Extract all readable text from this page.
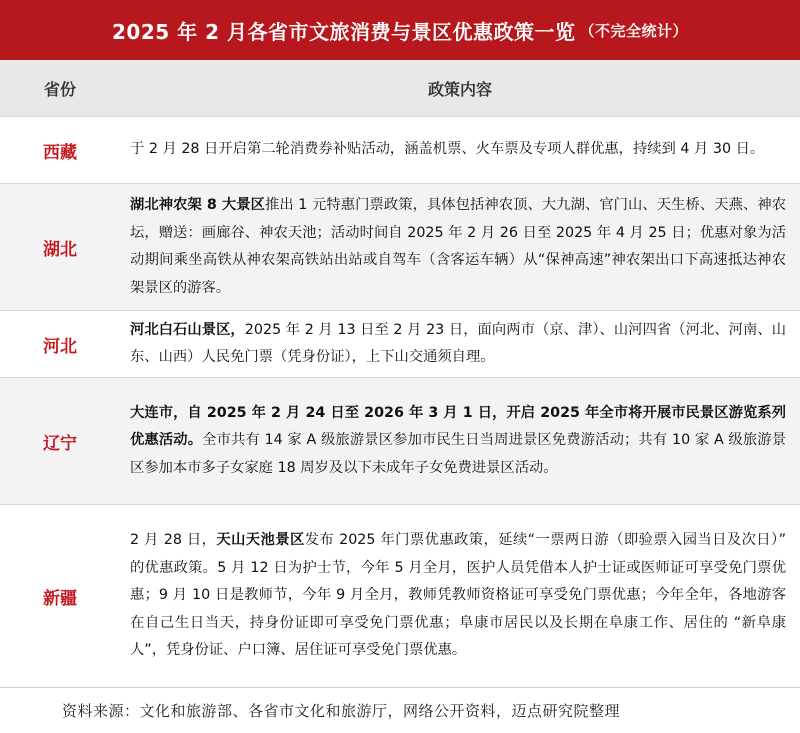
2025 年 2 月各省市文旅消费与景区优惠政策一览 （不完全统计）
省份	政策内容
西藏	于 2 月 28 日开启第二轮消费券补贴活动，涵盖机票、火车票及专项人群优惠，持续到 4 月 30 日。
湖北	湖北神农架 8 大景区推出 1 元特惠门票政策，具体包括神农顶、大九湖、官门山、天生桥、天燕、神农坛，赠送：画廊谷、神农天池；活动时间自 2025 年 2 月 26 日至 2025 年 4 月 25 日；优惠对象为活动期间乘坐高铁从神农架高铁站出站或自驾车（含客运车辆）从“保神高速”神农架出口下高速抵达神农架景区的游客。
河北	河北白石山景区，2025 年 2 月 13 日至 2 月 23 日，面向两市（京、津）、山河四省（河北、河南、山东、山西）人民免门票（凭身份证），上下山交通须自理。
辽宁	大连市，自 2025 年 2 月 24 日至 2026 年 3 月 1 日，开启 2025 年全市将开展市民景区游览系列优惠活动。全市共有 14 家 A 级旅游景区参加市民生日当周进景区免费游活动；共有 10 家 A 级旅游景区参加本市多子女家庭 18 周岁及以下未成年子女免费进景区活动。
新疆	2 月 28 日，天山天池景区发布 2025 年门票优惠政策，延续“一票两日游（即验票入园当日及次日）” 的优惠政策。5 月 12 日为护士节，今年 5 月全月，医护人员凭借本人护士证或医师证可享受免门票优惠；9 月 10 日是教师节，今年 9 月全月，教师凭教师资格证可享受免门票优惠；今年全年，各地游客在自己生日当天，持身份证即可享受免门票优惠；阜康市居民以及长期在阜康工作、居住的 “新阜康人”，凭身份证、户口簿、居住证可享受免门票优惠。
资料来源：文化和旅游部、各省市文化和旅游厅，网络公开资料，迈点研究院整理
